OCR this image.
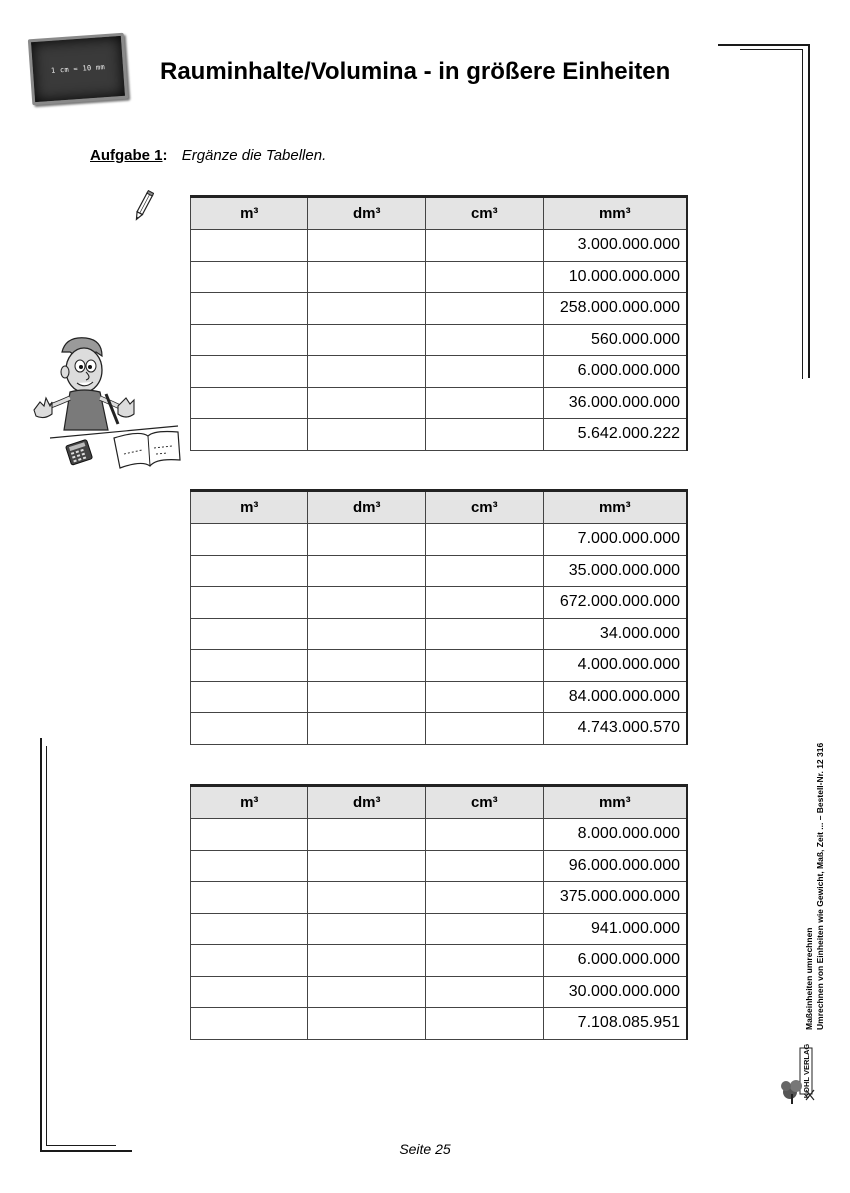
1 cm = 10 mm Rauminhalte/Volumina - in größere Einheiten
Aufgabe 1: Ergänze die Tabellen.
m³	dm³	cm³	mm³
			3.000.000.000
			10.000.000.000
			258.000.000.000
			560.000.000
			6.000.000.000
			36.000.000.000
			5.642.000.222
m³	dm³	cm³	mm³
			7.000.000.000
			35.000.000.000
			672.000.000.000
			34.000.000
			4.000.000.000
			84.000.000.000
			4.743.000.570
m³	dm³	cm³	mm³
			8.000.000.000
			96.000.000.000
			375.000.000.000
			941.000.000
			6.000.000.000
			30.000.000.000
			7.108.085.951	Maßeinheiten umrechnen Umrechnen von Einheiten wie Gewicht, Maß, Zeit ... – Bestell-Nr. 12 316
KOHL VERLAG
Seite 25
